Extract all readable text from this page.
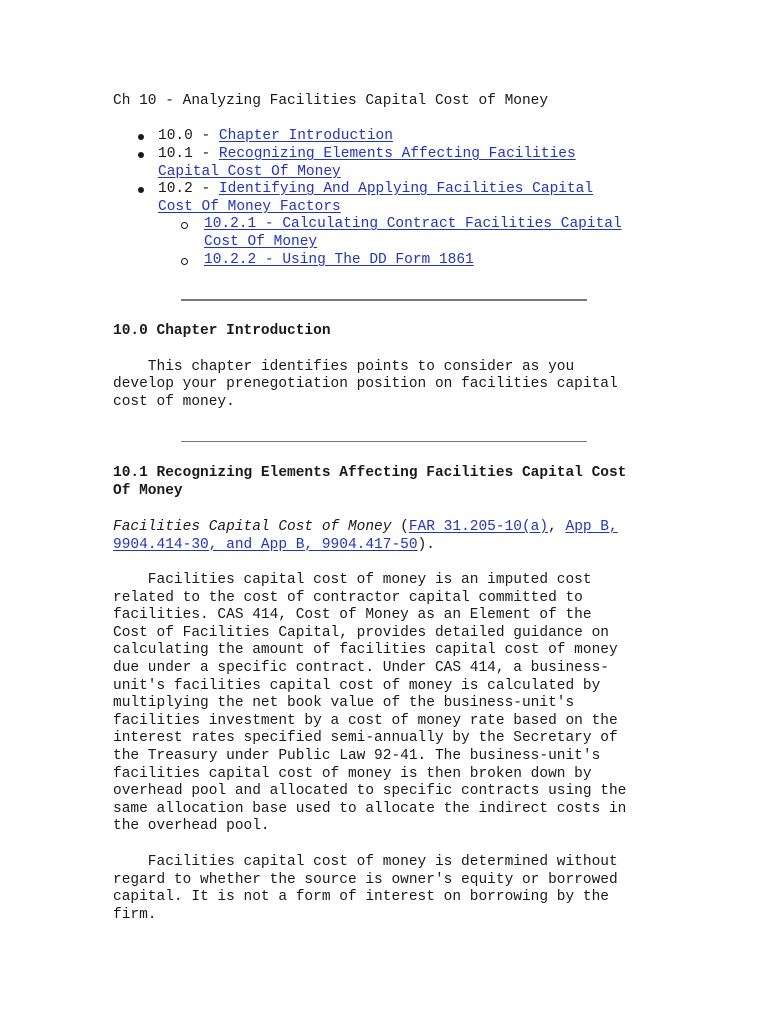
Ch 10 - Analyzing Facilities Capital Cost of Money
10.0 - Chapter Introduction
10.1 - Recognizing Elements Affecting Facilities
Capital Cost Of Money
10.2 - Identifying And Applying Facilities Capital
Cost Of Money Factors
10.2.1 - Calculating Contract Facilities Capital
Cost Of Money
10.2.2 - Using The DD Form 1861
10.0 Chapter Introduction
This chapter identifies points to consider as you
develop your prenegotiation position on facilities capital
cost of money.
10.1 Recognizing Elements Affecting Facilities Capital Cost
Of Money
Facilities Capital Cost of Money (FAR 31.205-10(a), App B,
9904.414-30, and App B, 9904.417-50).
Facilities capital cost of money is an imputed cost
related to the cost of contractor capital committed to
facilities. CAS 414, Cost of Money as an Element of the
Cost of Facilities Capital, provides detailed guidance on
calculating the amount of facilities capital cost of money
due under a specific contract. Under CAS 414, a business-
unit's facilities capital cost of money is calculated by
multiplying the net book value of the business-unit's
facilities investment by a cost of money rate based on the
interest rates specified semi-annually by the Secretary of
the Treasury under Public Law 92-41. The business-unit's
facilities capital cost of money is then broken down by
overhead pool and allocated to specific contracts using the
same allocation base used to allocate the indirect costs in
the overhead pool.
Facilities capital cost of money is determined without
regard to whether the source is owner's equity or borrowed
capital. It is not a form of interest on borrowing by the
firm.
